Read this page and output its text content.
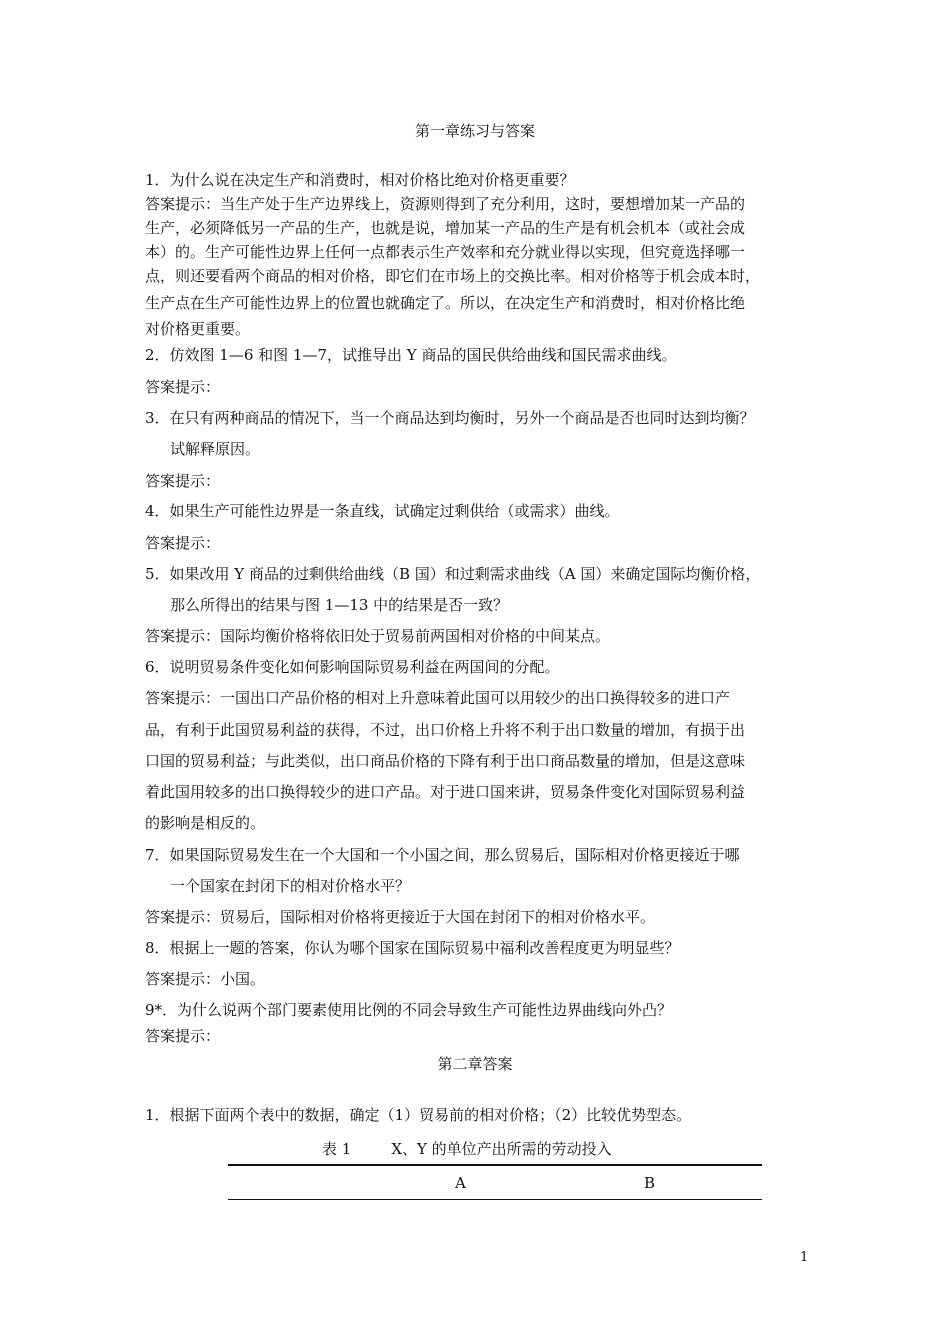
第一章练习与答案
1．为什么说在决定生产和消费时，相对价格比绝对价格更重要？
答案提示：当生产处于生产边界线上，资源则得到了充分利用，这时，要想增加某一产品的
生产，必须降低另一产品的生产，也就是说，增加某一产品的生产是有机会机本（或社会成
本）的。生产可能性边界上任何一点都表示生产效率和充分就业得以实现，但究竟选择哪一
点，则还要看两个商品的相对价格，即它们在市场上的交换比率。相对价格等于机会成本时，
生产点在生产可能性边界上的位置也就确定了。所以，在决定生产和消费时，相对价格比绝
对价格更重要。
2．仿效图 1—6 和图 1—7，试推导出 Y 商品的国民供给曲线和国民需求曲线。
答案提示：
3．在只有两种商品的情况下，当一个商品达到均衡时，另外一个商品是否也同时达到均衡？
试解释原因。
答案提示：
4．如果生产可能性边界是一条直线，试确定过剩供给（或需求）曲线。
答案提示：
5．如果改用 Y 商品的过剩供给曲线（B 国）和过剩需求曲线（A 国）来确定国际均衡价格，
那么所得出的结果与图 1—13 中的结果是否一致？
答案提示：国际均衡价格将依旧处于贸易前两国相对价格的中间某点。
6．说明贸易条件变化如何影响国际贸易利益在两国间的分配。
答案提示：一国出口产品价格的相对上升意味着此国可以用较少的出口换得较多的进口产
品，有利于此国贸易利益的获得，不过，出口价格上升将不利于出口数量的增加，有损于出
口国的贸易利益；与此类似，出口商品价格的下降有利于出口商品数量的增加，但是这意味
着此国用较多的出口换得较少的进口产品。对于进口国来讲，贸易条件变化对国际贸易利益
的影响是相反的。
7．如果国际贸易发生在一个大国和一个小国之间，那么贸易后，国际相对价格更接近于哪
一个国家在封闭下的相对价格水平？
答案提示：贸易后，国际相对价格将更接近于大国在封闭下的相对价格水平。
8．根据上一题的答案，你认为哪个国家在国际贸易中福利改善程度更为明显些？
答案提示：小国。
9*．为什么说两个部门要素使用比例的不同会导致生产可能性边界曲线向外凸？
答案提示：
第二章答案
1．根据下面两个表中的数据，确定（1）贸易前的相对价格；（2）比较优势型态。
表 1	X、Y 的单位产出所需的劳动投入
A	B
1
